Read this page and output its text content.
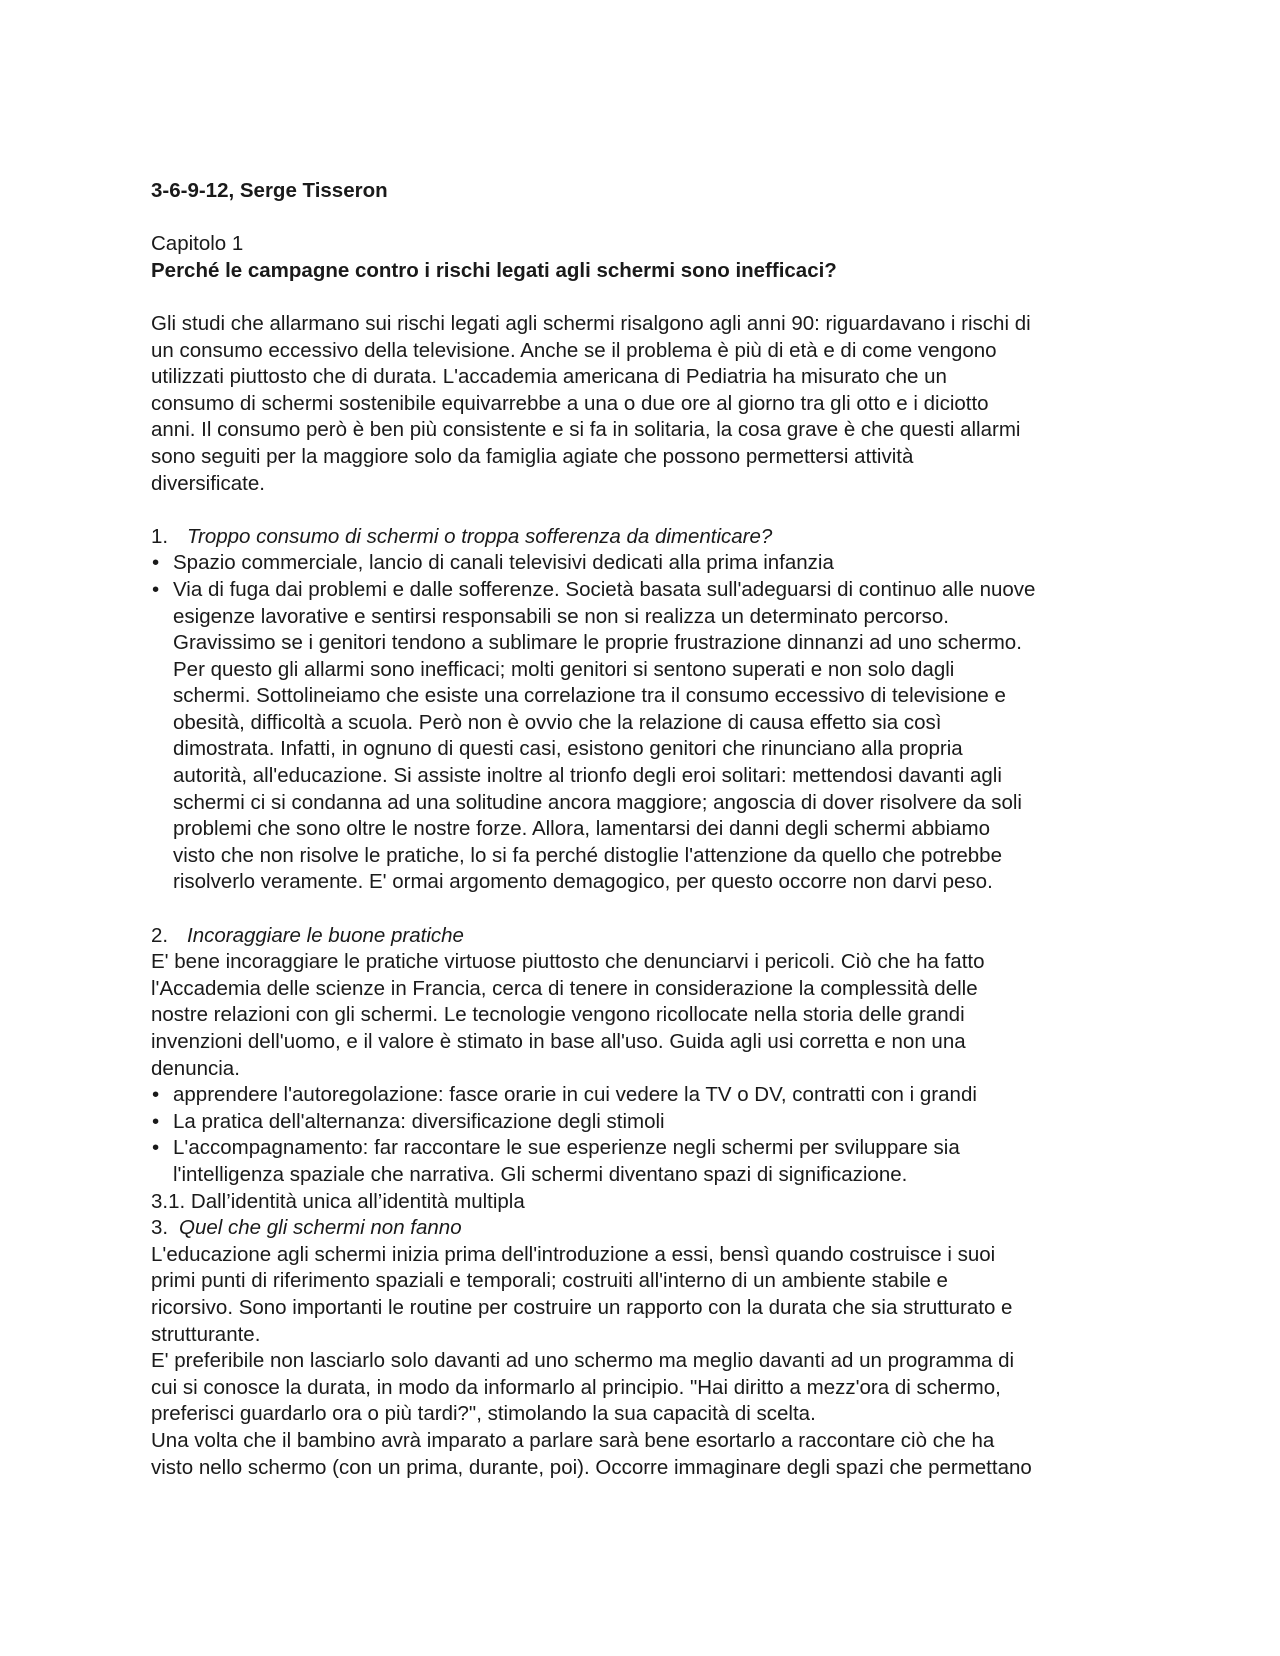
3-6-9-12, Serge Tisseron
Capitolo 1
Perché le campagne contro i rischi legati agli schermi sono inefficaci?
Gli studi che allarmano sui rischi legati agli schermi risalgono agli anni 90: riguardavano i rischi di
un consumo eccessivo della televisione. Anche se il problema è più di età e di come vengono
utilizzati piuttosto che di durata. L'accademia americana di Pediatria ha misurato che un
consumo di schermi sostenibile equivarrebbe a una o due ore al giorno tra gli otto e i diciotto
anni. Il consumo però è ben più consistente e si fa in solitaria, la cosa grave è che questi allarmi
sono seguiti per la maggiore solo da famiglia agiate che possono permettersi attività
diversificate.
1. Troppo consumo di schermi o troppa sofferenza da dimenticare?
• Spazio commerciale, lancio di canali televisivi dedicati alla prima infanzia
• Via di fuga dai problemi e dalle sofferenze. Società basata sull'adeguarsi di continuo alle nuove
esigenze lavorative e sentirsi responsabili se non si realizza un determinato percorso.
Gravissimo se i genitori tendono a sublimare le proprie frustrazione dinnanzi ad uno schermo.
Per questo gli allarmi sono inefficaci; molti genitori si sentono superati e non solo dagli
schermi. Sottolineiamo che esiste una correlazione tra il consumo eccessivo di televisione e
obesità, difficoltà a scuola. Però non è ovvio che la relazione di causa effetto sia così
dimostrata. Infatti, in ognuno di questi casi, esistono genitori che rinunciano alla propria
autorità, all'educazione. Si assiste inoltre al trionfo degli eroi solitari: mettendosi davanti agli
schermi ci si condanna ad una solitudine ancora maggiore; angoscia di dover risolvere da soli
problemi che sono oltre le nostre forze. Allora, lamentarsi dei danni degli schermi abbiamo
visto che non risolve le pratiche, lo si fa perché distoglie l'attenzione da quello che potrebbe
risolverlo veramente. E' ormai argomento demagogico, per questo occorre non darvi peso.
2. Incoraggiare le buone pratiche
E' bene incoraggiare le pratiche virtuose piuttosto che denunciarvi i pericoli. Ciò che ha fatto
l'Accademia delle scienze in Francia, cerca di tenere in considerazione la complessità delle
nostre relazioni con gli schermi. Le tecnologie vengono ricollocate nella storia delle grandi
invenzioni dell'uomo, e il valore è stimato in base all'uso. Guida agli usi corretta e non una
denuncia.
• apprendere l'autoregolazione: fasce orarie in cui vedere la TV o DV, contratti con i grandi
• La pratica dell'alternanza: diversificazione degli stimoli
• L'accompagnamento: far raccontare le sue esperienze negli schermi per sviluppare sia
l'intelligenza spaziale che narrativa. Gli schermi diventano spazi di significazione.
3.1. Dall’identità unica all’identità multipla
3. Quel che gli schermi non fanno
L'educazione agli schermi inizia prima dell'introduzione a essi, bensì quando costruisce i suoi
primi punti di riferimento spaziali e temporali; costruiti all'interno di un ambiente stabile e
ricorsivo. Sono importanti le routine per costruire un rapporto con la durata che sia strutturato e
strutturante.
E' preferibile non lasciarlo solo davanti ad uno schermo ma meglio davanti ad un programma di
cui si conosce la durata, in modo da informarlo al principio. "Hai diritto a mezz'ora di schermo,
preferisci guardarlo ora o più tardi?", stimolando la sua capacità di scelta.
Una volta che il bambino avrà imparato a parlare sarà bene esortarlo a raccontare ciò che ha
visto nello schermo (con un prima, durante, poi). Occorre immaginare degli spazi che permettano
